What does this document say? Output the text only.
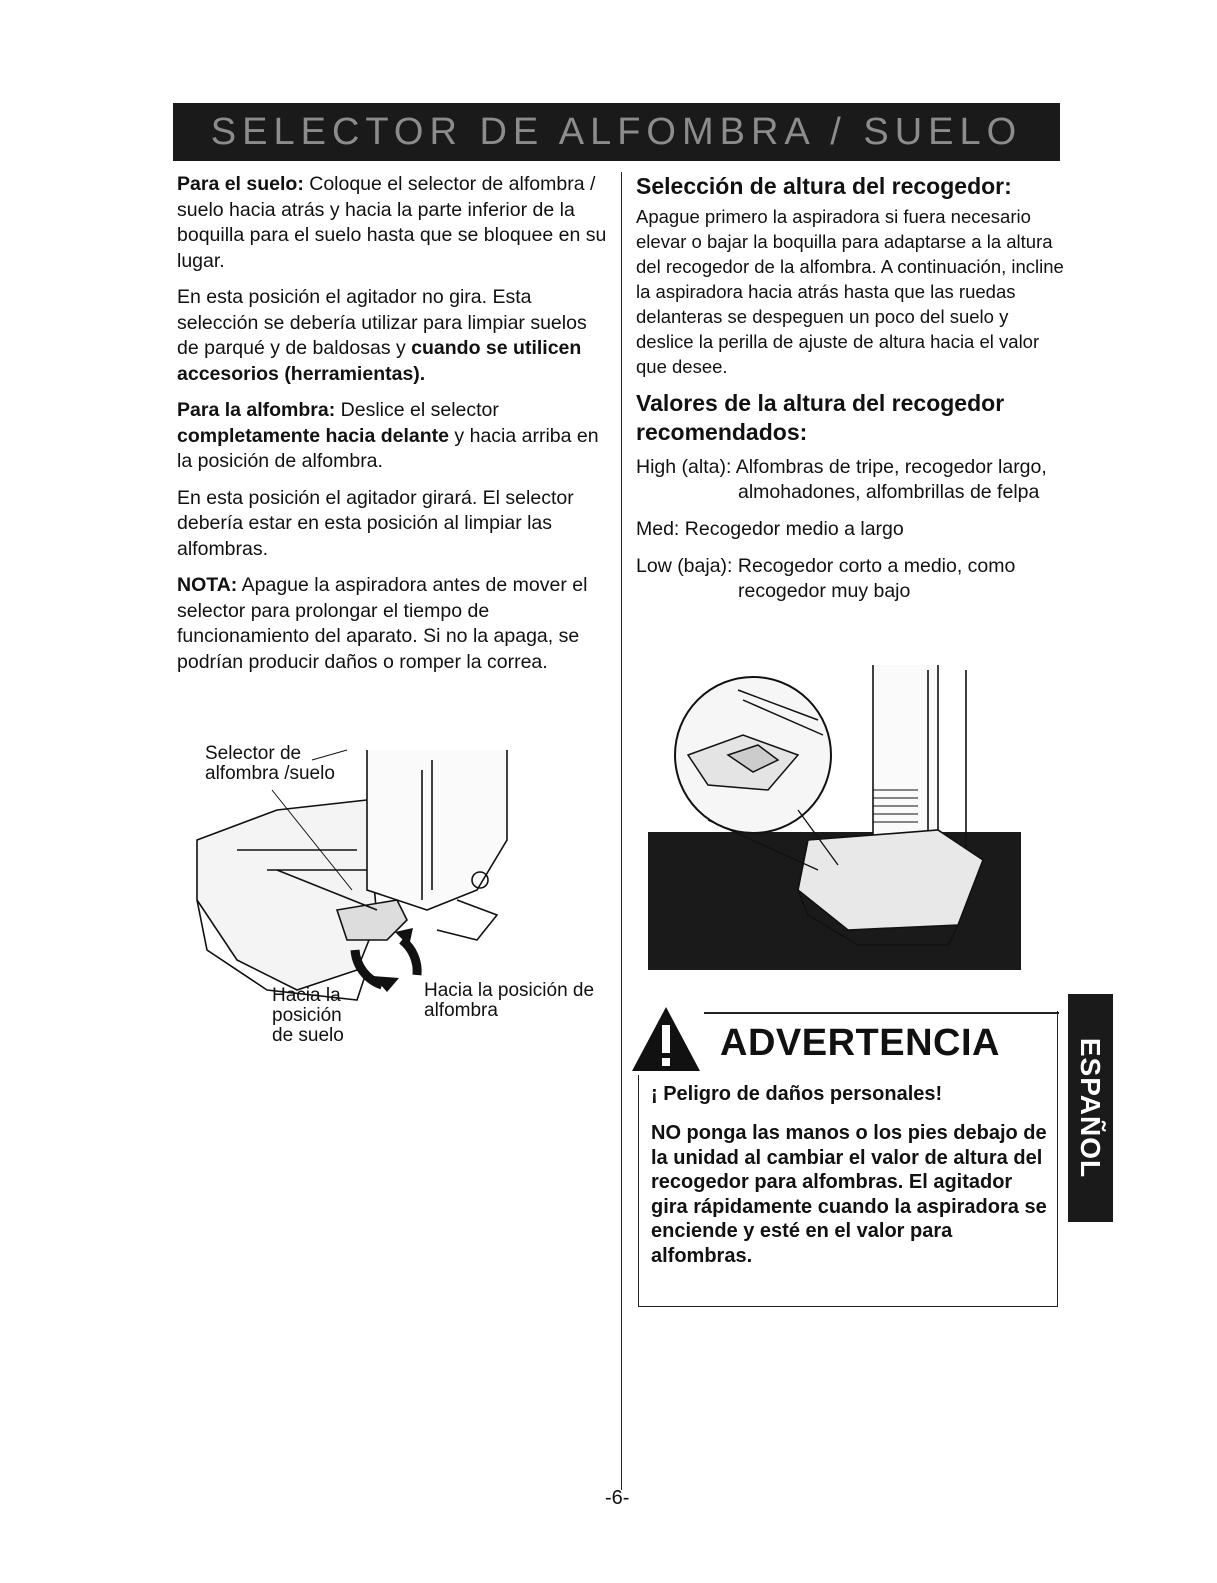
SELECTOR DE ALFOMBRA / SUELO

Para el suelo: Coloque el selector de alfombra / suelo hacia atrás y hacia la parte inferior de la boquilla para el suelo hasta que se bloquee en su lugar.

En esta posición el agitador no gira. Esta selección se debería utilizar para limpiar suelos de parqué y de baldosas y cuando se utilicen accesorios (herramientas).

Para la alfombra: Deslice el selector completamente hacia delante y hacia arriba en la posición de alfombra.

En esta posición el agitador girará. El selector debería estar en esta posición al limpiar las alfombras.

NOTA: Apague la aspiradora antes de mover el selector para prolongar el tiempo de funcionamiento del aparato. Si no la apaga, se podrían producir daños o romper la correa.

Selección de altura del recogedor:

Apague primero la aspiradora si fuera necesario elevar o bajar la boquilla para adaptarse a la altura del recogedor de la alfombra. A continuación, incline la aspiradora hacia atrás hasta que las ruedas delanteras se despeguen un poco del suelo y deslice la perilla de ajuste de altura hacia el valor que desee.

Valores de la altura del recogedor recomendados:
High (alta): Alfombras de tripe, recogedor largo,
almohadones, alfombrillas de felpa
Med: Recogedor medio a largo
Low (baja): Recogedor corto a medio, como
recogedor muy bajo
Selector de
alfombra /suelo
Hacia la
posición
de suelo
Hacia la posición de
alfombra
ADVERTENCIA
¡ Peligro de daños personales!
NO ponga las manos o los pies debajo de la unidad al cambiar el valor de altura del recogedor para alfombras. El agitador gira rápidamente cuando la aspiradora se enciende y esté en el valor para alfombras.
ESPAÑOL
-6-
